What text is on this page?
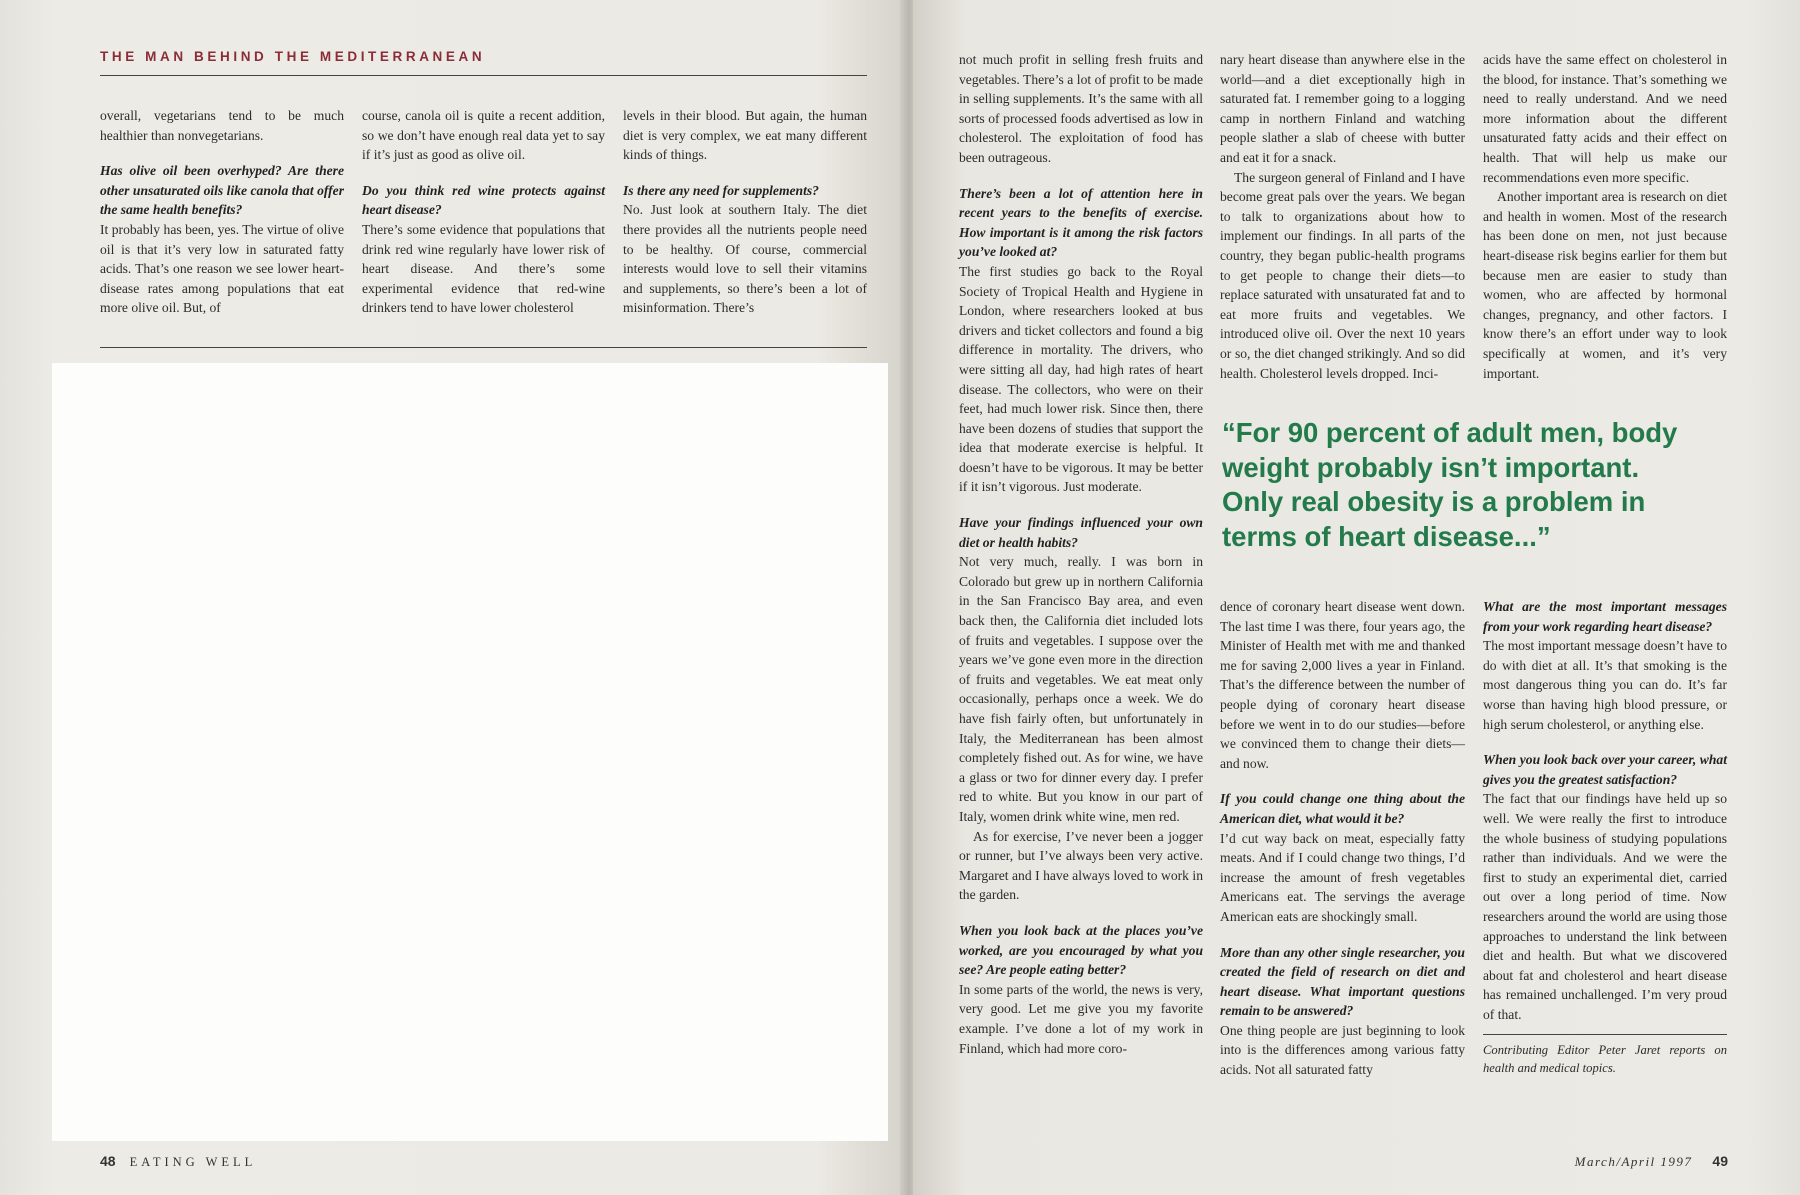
THE MAN BEHIND THE MEDITERRANEAN

overall, vegetarians tend to be much healthier than nonvegetarians.

Has olive oil been overhyped? Are there other unsaturated oils like canola that offer the same health benefits?

It probably has been, yes. The virtue of olive oil is that it’s very low in saturated fatty acids. That’s one reason we see lower heart-disease rates among populations that eat more olive oil. But, of

course, canola oil is quite a recent addition, so we don’t have enough real data yet to say if it’s just as good as olive oil.

Do you think red wine protects against heart disease?

There’s some evidence that populations that drink red wine regularly have lower risk of heart disease. And there’s some experimental evidence that red-wine drinkers tend to have lower cholesterol

levels in their blood. But again, the human diet is very complex, we eat many different kinds of things.

Is there any need for supplements?

No. Just look at southern Italy. The diet there provides all the nutrients people need to be healthy. Of course, commercial interests would love to sell their vitamins and supplements, so there’s been a lot of misinformation. There’s

48 EATING WELL

not much profit in selling fresh fruits and vegetables. There’s a lot of profit to be made in selling supplements. It’s the same with all sorts of processed foods advertised as low in cholesterol. The exploitation of food has been outrageous.

There’s been a lot of attention here in recent years to the benefits of exercise. How important is it among the risk factors you’ve looked at?

The first studies go back to the Royal Society of Tropical Health and Hygiene in London, where researchers looked at bus drivers and ticket collectors and found a big difference in mortality. The drivers, who were sitting all day, had high rates of heart disease. The collectors, who were on their feet, had much lower risk. Since then, there have been dozens of studies that support the idea that moderate exercise is helpful. It doesn’t have to be vigorous. It may be better if it isn’t vigorous. Just moderate.

Have your findings influenced your own diet or health habits?

Not very much, really. I was born in Colorado but grew up in northern California in the San Francisco Bay area, and even back then, the California diet included lots of fruits and vegetables. I suppose over the years we’ve gone even more in the direction of fruits and vegetables. We eat meat only occasionally, perhaps once a week. We do have fish fairly often, but unfortunately in Italy, the Mediterranean has been almost completely fished out. As for wine, we have a glass or two for dinner every day. I prefer red to white. But you know in our part of Italy, women drink white wine, men red.

As for exercise, I’ve never been a jogger or runner, but I’ve always been very active. Margaret and I have always loved to work in the garden.

When you look back at the places you’ve worked, are you encouraged by what you see? Are people eating better?

In some parts of the world, the news is very, very good. Let me give you my favorite example. I’ve done a lot of my work in Finland, which had more coro-

nary heart disease than anywhere else in the world—and a diet exceptionally high in saturated fat. I remember going to a logging camp in northern Finland and watching people slather a slab of cheese with butter and eat it for a snack.

The surgeon general of Finland and I have become great pals over the years. We began to talk to organizations about how to implement our findings. In all parts of the country, they began public-health programs to get people to change their diets—to replace saturated with unsaturated fat and to eat more fruits and vegetables. We introduced olive oil. Over the next 10 years or so, the diet changed strikingly. And so did health. Cholesterol levels dropped. Inci-

acids have the same effect on cholesterol in the blood, for instance. That’s something we need to really understand. And we need more information about the different unsaturated fatty acids and their effect on health. That will help us make our recommendations even more specific.

Another important area is research on diet and health in women. Most of the research has been done on men, not just because heart-disease risk begins earlier for them but because men are easier to study than women, who are affected by hormonal changes, pregnancy, and other factors. I know there’s an effort under way to look specifically at women, and it’s very important.

“For 90 percent of adult men, body weight probably isn’t important. Only real obesity is a problem in terms of heart disease...”

dence of coronary heart disease went down. The last time I was there, four years ago, the Minister of Health met with me and thanked me for saving 2,000 lives a year in Finland. That’s the difference between the number of people dying of coronary heart disease before we went in to do our studies—before we convinced them to change their diets—and now.

If you could change one thing about the American diet, what would it be?

I’d cut way back on meat, especially fatty meats. And if I could change two things, I’d increase the amount of fresh vegetables Americans eat. The servings the average American eats are shockingly small.

More than any other single researcher, you created the field of research on diet and heart disease. What important questions remain to be answered?

One thing people are just beginning to look into is the differences among various fatty acids. Not all saturated fatty

What are the most important messages from your work regarding heart disease?

The most important message doesn’t have to do with diet at all. It’s that smoking is the most dangerous thing you can do. It’s far worse than having high blood pressure, or high serum cholesterol, or anything else.

When you look back over your career, what gives you the greatest satisfaction?

The fact that our findings have held up so well. We were really the first to introduce the whole business of studying populations rather than individuals. And we were the first to study an experimental diet, carried out over a long period of time. Now researchers around the world are using those approaches to understand the link between diet and health. But what we discovered about fat and cholesterol and heart disease has remained unchallenged. I’m very proud of that.

Contributing Editor Peter Jaret reports on health and medical topics.

March/April 1997 49
